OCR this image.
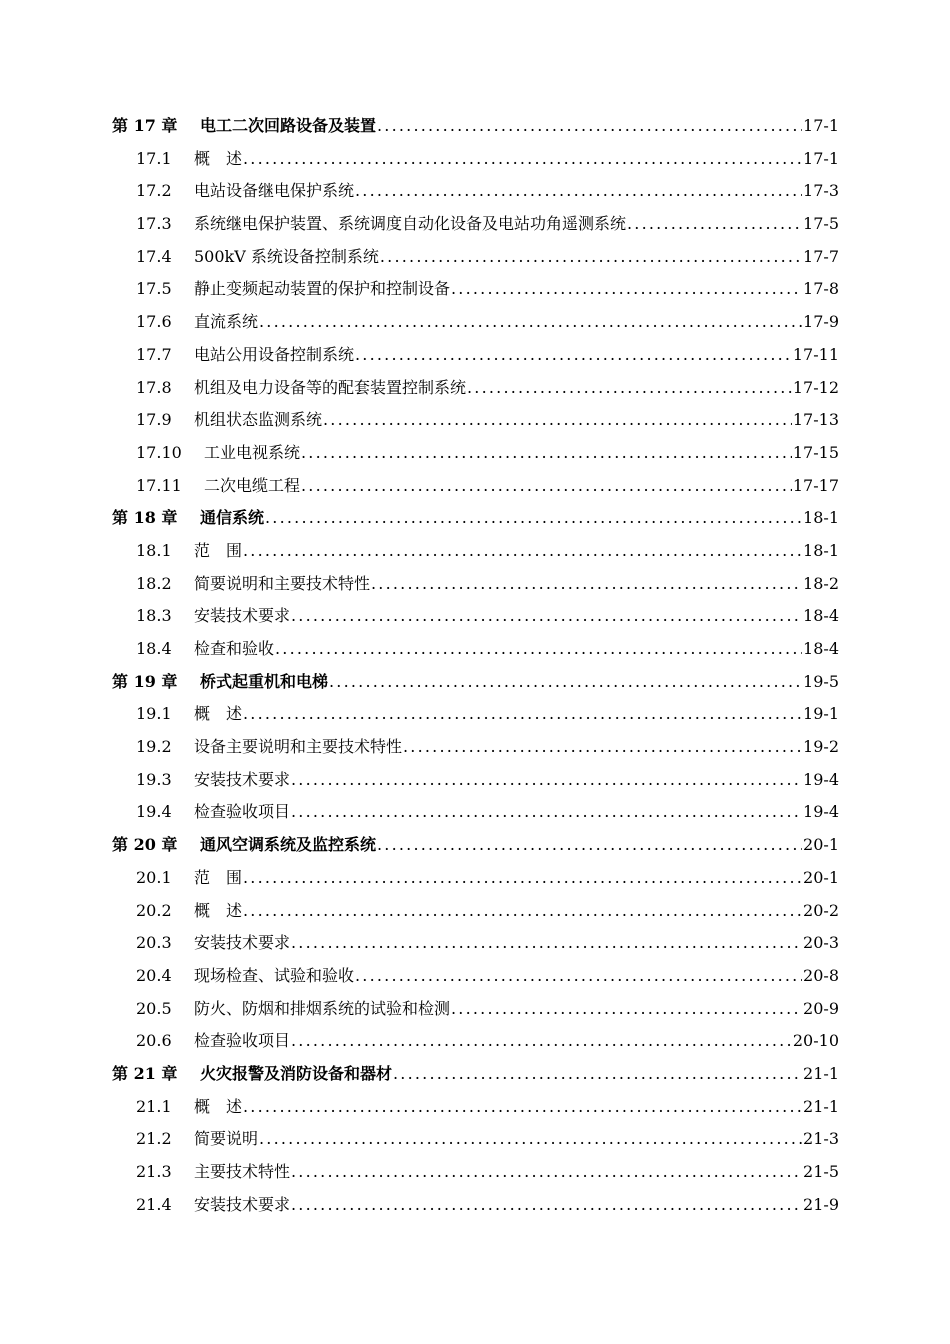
第 17 章	电工二次回路设备及装置 .....	17-1
17.1	概　述 .....	17-1
17.2	电站设备继电保护系统 .....	17-3
17.3	系统继电保护装置、系统调度自动化设备及电站功角遥测系统 .....	17-5
17.4	500kV 系统设备控制系统 .....	17-7
17.5	静止变频起动装置的保护和控制设备 .....	17-8
17.6	直流系统 .....	17-9
17.7	电站公用设备控制系统 .....	17-11
17.8	机组及电力设备等的配套装置控制系统 .....	17-12
17.9	机组状态监测系统 .....	17-13
17.10	工业电视系统 .....	17-15
17.11	二次电缆工程 .....	17-17
第 18 章	通信系统 .....	18-1
18.1	范　围 .....	18-1
18.2	简要说明和主要技术特性 .....	18-2
18.3	安装技术要求 .....	18-4
18.4	检查和验收 .....	18-4
第 19 章	桥式起重机和电梯 .....	19-5
19.1	概　述 .....	19-1
19.2	设备主要说明和主要技术特性 .....	19-2
19.3	安装技术要求 .....	19-4
19.4	检查验收项目 .....	19-4
第 20 章	通风空调系统及监控系统 .....	20-1
20.1	范　围 .....	20-1
20.2	概　述 .....	20-2
20.3	安装技术要求 .....	20-3
20.4	现场检查、试验和验收 .....	20-8
20.5	防火、防烟和排烟系统的试验和检测 .....	20-9
20.6	检查验收项目 .....	20-10
第 21 章	火灾报警及消防设备和器材 .....	21-1
21.1	概　述 .....	21-1
21.2	简要说明 .....	21-3
21.3	主要技术特性 .....	21-5
21.4	安装技术要求 .....	21-9
